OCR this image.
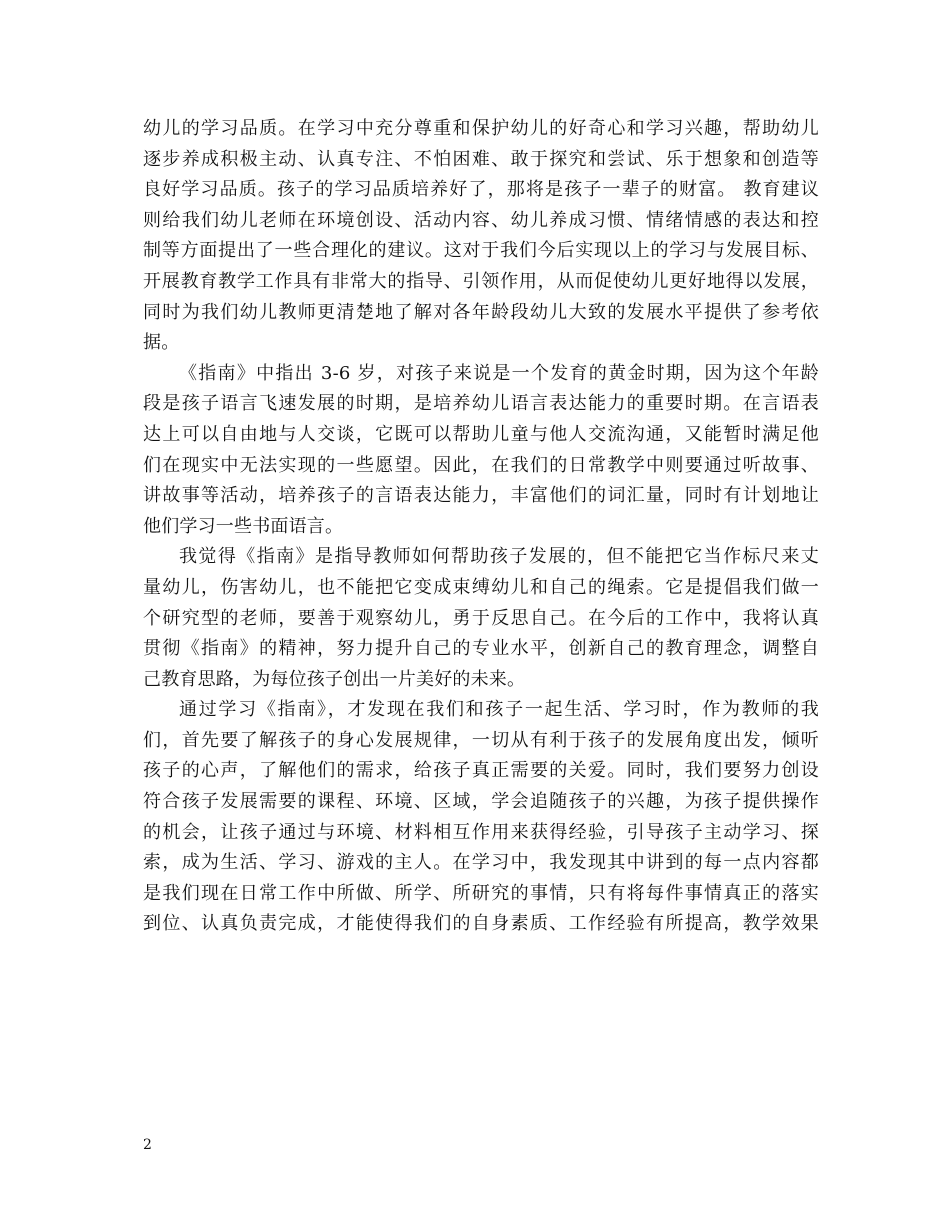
幼儿的学习品质。在学习中充分尊重和保护幼儿的好奇心和学习兴趣，帮助幼儿
逐步养成积极主动、认真专注、不怕困难、敢于探究和尝试、乐于想象和创造等
良好学习品质。孩子的学习品质培养好了，那将是孩子一辈子的财富。 教育建议
则给我们幼儿老师在环境创设、活动内容、幼儿养成习惯、情绪情感的表达和控
制等方面提出了一些合理化的建议。这对于我们今后实现以上的学习与发展目标、
开展教育教学工作具有非常大的指导、引领作用，从而促使幼儿更好地得以发展，
同时为我们幼儿教师更清楚地了解对各年龄段幼儿大致的发展水平提供了参考依
据。
《指南》中指出 3-6 岁，对孩子来说是一个发育的黄金时期，因为这个年龄
段是孩子语言飞速发展的时期，是培养幼儿语言表达能力的重要时期。在言语表
达上可以自由地与人交谈，它既可以帮助儿童与他人交流沟通，又能暂时满足他
们在现实中无法实现的一些愿望。因此，在我们的日常教学中则要通过听故事、
讲故事等活动，培养孩子的言语表达能力，丰富他们的词汇量，同时有计划地让
他们学习一些书面语言。
我觉得《指南》是指导教师如何帮助孩子发展的，但不能把它当作标尺来丈
量幼儿，伤害幼儿，也不能把它变成束缚幼儿和自己的绳索。它是提倡我们做一
个研究型的老师，要善于观察幼儿，勇于反思自己。在今后的工作中，我将认真
贯彻《指南》的精神，努力提升自己的专业水平，创新自己的教育理念，调整自
己教育思路，为每位孩子创出一片美好的未来。
通过学习《指南》，才发现在我们和孩子一起生活、学习时，作为教师的我
们，首先要了解孩子的身心发展规律，一切从有利于孩子的发展角度出发，倾听
孩子的心声，了解他们的需求，给孩子真正需要的关爱。同时，我们要努力创设
符合孩子发展需要的课程、环境、区域，学会追随孩子的兴趣，为孩子提供操作
的机会，让孩子通过与环境、材料相互作用来获得经验，引导孩子主动学习、探
索，成为生活、学习、游戏的主人。在学习中，我发现其中讲到的每一点内容都
是我们现在日常工作中所做、所学、所研究的事情，只有将每件事情真正的落实
到位、认真负责完成，才能使得我们的自身素质、工作经验有所提高，教学效果
2
